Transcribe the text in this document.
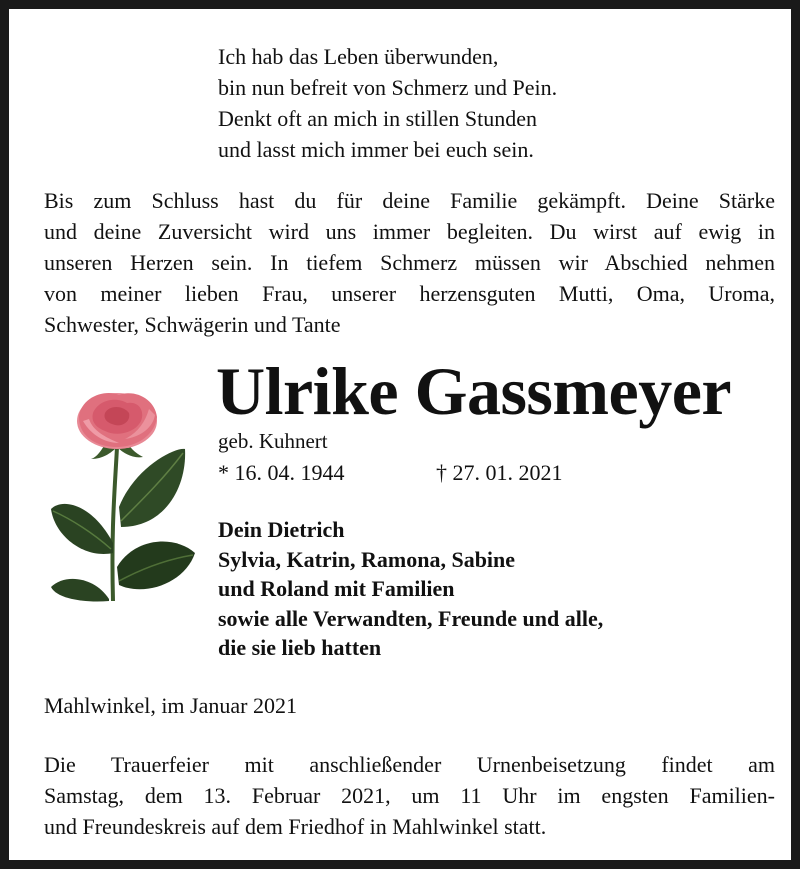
Ich hab das Leben überwunden,
bin nun befreit von Schmerz und Pein.
Denkt oft an mich in stillen Stunden
und lasst mich immer bei euch sein.
Bis zum Schluss hast du für deine Familie gekämpft. Deine Stärke
und deine Zuversicht wird uns immer begleiten. Du wirst auf ewig in
unseren Herzen sein. In tiefem Schmerz müssen wir Abschied nehmen
von meiner lieben Frau, unserer herzensguten Mutti, Oma, Uroma,
Schwester, Schwägerin und Tante
Ulrike Gassmeyer
geb. Kuhnert
* 16. 04. 1944	† 27. 01. 2021
Dein Dietrich
Sylvia, Katrin, Ramona, Sabine
und Roland mit Familien
sowie alle Verwandten, Freunde und alle,
die sie lieb hatten
Mahlwinkel, im Januar 2021
Die Trauerfeier mit anschließender Urnenbeisetzung findet am
Samstag, dem 13. Februar 2021, um 11 Uhr im engsten Familien-
und Freundeskreis auf dem Friedhof in Mahlwinkel statt.
